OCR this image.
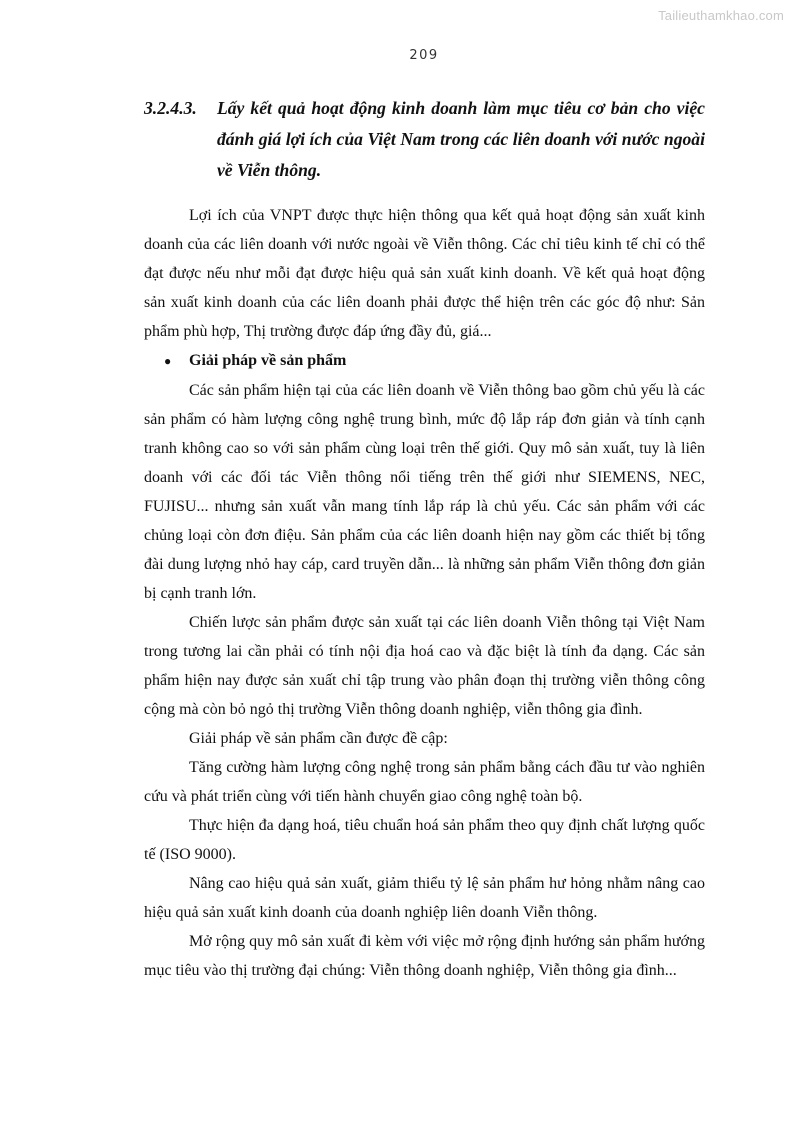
Tailieuthamkhao.com
209
3.2.4.3.	Lấy kết quả hoạt động kinh doanh làm mục tiêu cơ bản cho việc đánh giá lợi ích của Việt Nam trong các liên doanh với nước ngoài về Viễn thông.

Lợi ích của VNPT được thực hiện thông qua kết quả hoạt động sản xuất kinh doanh của các liên doanh với nước ngoài về Viễn thông. Các chỉ tiêu kinh tế chỉ có thể đạt được nếu như mỗi đạt được hiệu quả sản xuất kinh doanh. Về kết quả hoạt động sản xuất kinh doanh của các liên doanh phải được thể hiện trên các góc độ như: Sản phẩm phù hợp, Thị trường được đáp ứng đầy đủ, giá...

●	Giải pháp về sản phẩm

Các sản phẩm hiện tại của các liên doanh về Viễn thông bao gồm chủ yếu là các sản phẩm có hàm lượng công nghệ trung bình, mức độ lắp ráp đơn giản và tính cạnh tranh không cao so với sản phẩm cùng loại trên thế giới. Quy mô sản xuất, tuy là liên doanh với các đối tác Viễn thông nổi tiếng trên thế giới như SIEMENS, NEC, FUJISU... nhưng sản xuất vẫn mang tính lắp ráp là chủ yếu. Các sản phẩm với các chủng loại còn đơn điệu. Sản phẩm của các liên doanh hiện nay gồm các thiết bị tổng đài dung lượng nhỏ hay cáp, card truyền dẫn... là những sản phẩm Viễn thông đơn giản bị cạnh tranh lớn.

Chiến lược sản phẩm được sản xuất tại các liên doanh Viễn thông tại Việt Nam trong tương lai cần phải có tính nội địa hoá cao và đặc biệt là tính đa dạng. Các sản phẩm hiện nay được sản xuất chỉ tập trung vào phân đoạn thị trường viễn thông công cộng mà còn bỏ ngỏ thị trường Viễn thông doanh nghiệp, viễn thông gia đình.

Giải pháp về sản phẩm cần được đề cập:

Tăng cường hàm lượng công nghệ trong sản phẩm bằng cách đầu tư vào nghiên cứu và phát triển cùng với tiến hành chuyển giao công nghệ toàn bộ.

Thực hiện đa dạng hoá, tiêu chuẩn hoá sản phẩm theo quy định chất lượng quốc tế (ISO 9000).

Nâng cao hiệu quả sản xuất, giảm thiểu tỷ lệ sản phẩm hư hỏng nhằm nâng cao hiệu quả sản xuất kinh doanh của doanh nghiệp liên doanh Viễn thông.

Mở rộng quy mô sản xuất đi kèm với việc mở rộng định hướng sản phẩm hướng mục tiêu vào thị trường đại chúng: Viễn thông doanh nghiệp, Viễn thông gia đình...
